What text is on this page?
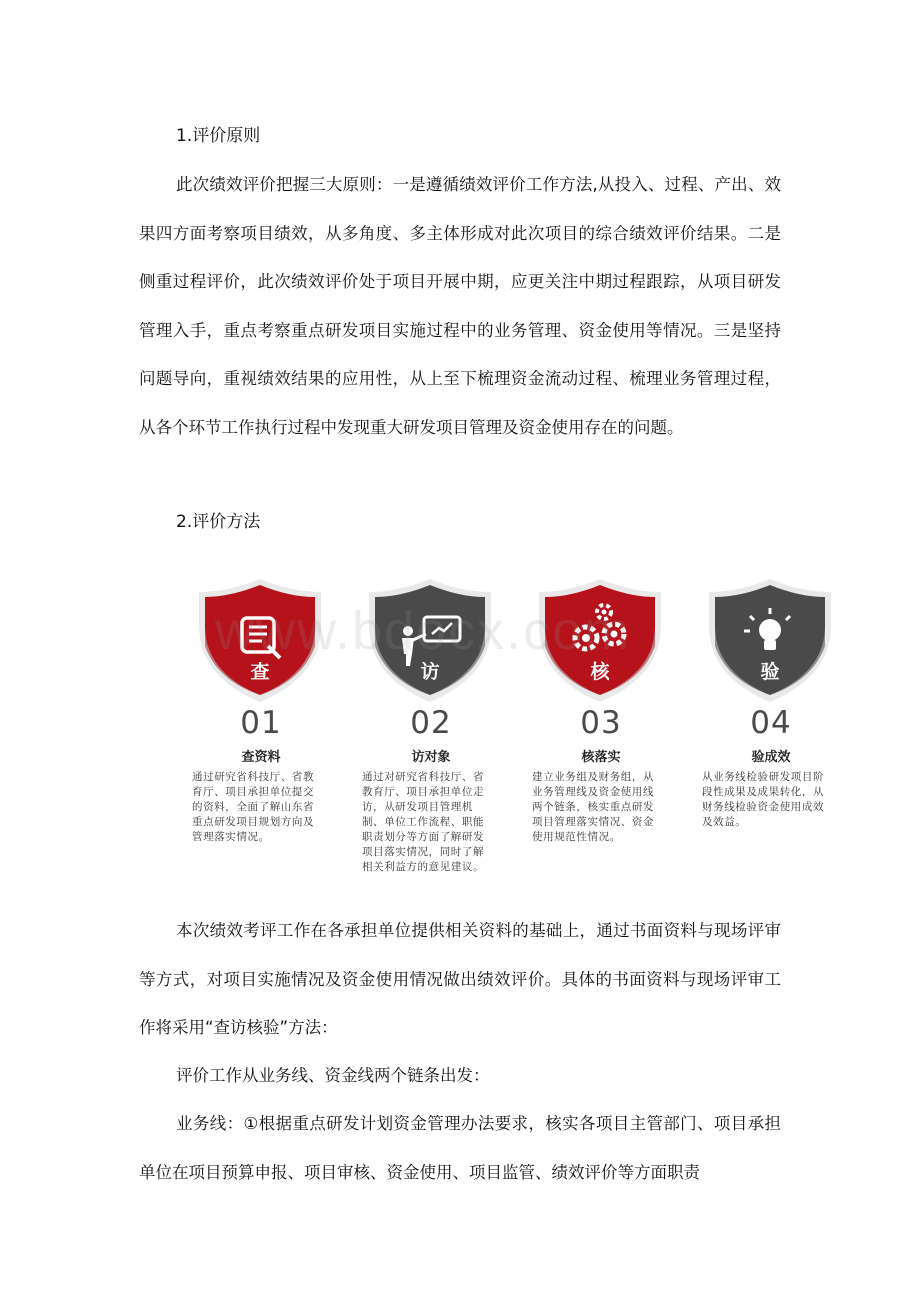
1.评价原则

此次绩效评价把握三大原则：一是遵循绩效评价工作方法,从投入、过程、产出、效果四方面考察项目绩效，从多角度、多主体形成对此次项目的综合绩效评价结果。二是侧重过程评价，此次绩效评价处于项目开展中期，应更关注中期过程跟踪，从项目研发管理入手，重点考察重点研发项目实施过程中的业务管理、资金使用等情况。三是坚持问题导向，重视绩效结果的应用性，从上至下梳理资金流动过程、梳理业务管理过程，从各个环节工作执行过程中发现重大研发项目管理及资金使用存在的问题。

2.评价方法
查
01
查资料
通过研究省科技厅、省教育厅、项目承担单位提交的资料，全面了解山东省重点研发项目规划方向及管理落实情况。
访
02
访对象
通过对研究省科技厅、省教育厅、项目承担单位走访，从研发项目管理机制、单位工作流程、职能职责划分等方面了解研发项目落实情况，同时了解相关利益方的意见建议。
核
03
核落实
建立业务组及财务组，从业务管理线及资金使用线两个链条，核实重点研发项目管理落实情况、资金使用规范性情况。
验
04
验成效
从业务线检验研发项目阶段性成果及成果转化，从财务线检验资金使用成效及效益。

本次绩效考评工作在各承担单位提供相关资料的基础上，通过书面资料与现场评审等方式，对项目实施情况及资金使用情况做出绩效评价。具体的书面资料与现场评审工作将采用“查访核验”方法：

评价工作从业务线、资金线两个链条出发：

业务线：①根据重点研发计划资金管理办法要求，核实各项目主管部门、项目承担单位在项目预算申报、项目审核、资金使用、项目监管、绩效评价等方面职责
